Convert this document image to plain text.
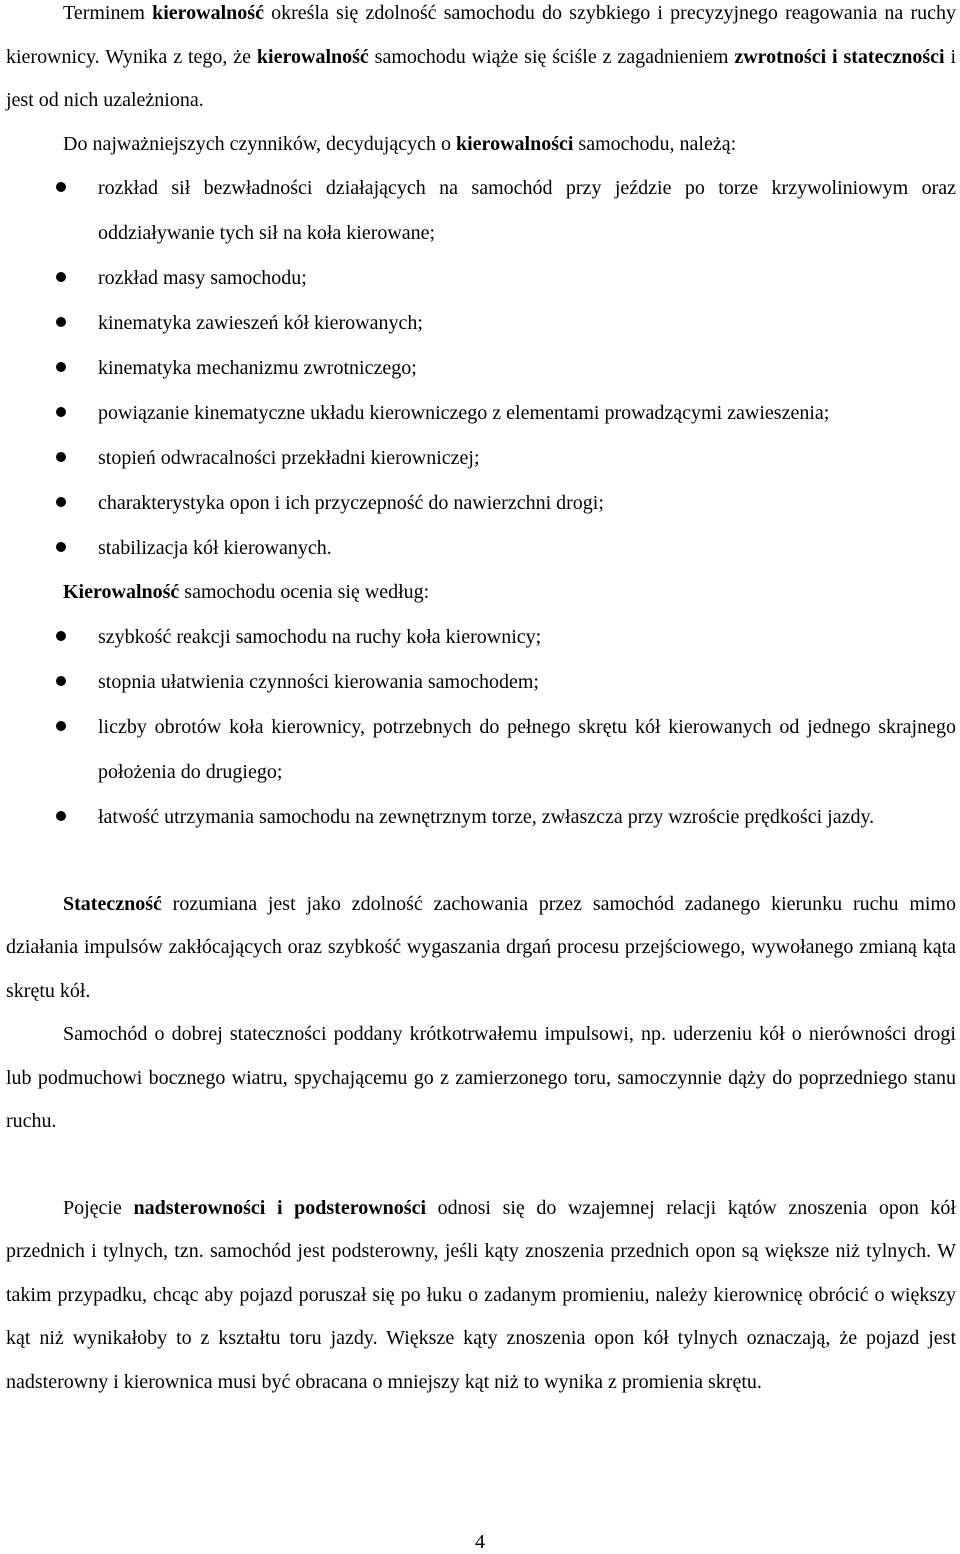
Terminem kierowalność określa się zdolność samochodu do szybkiego i precyzyjnego reagowania na ruchy kierownicy. Wynika z tego, że kierowalność samochodu wiąże się ściśle z zagadnieniem zwrotności i stateczności i jest od nich uzależniona.

Do najważniejszych czynników, decydujących o kierowalności samochodu, należą:

rozkład sił bezwładności działających na samochód przy jeździe po torze krzywoliniowym oraz oddziaływanie tych sił na koła kierowane;
rozkład masy samochodu;
kinematyka zawieszeń kół kierowanych;
kinematyka mechanizmu zwrotniczego;
powiązanie kinematyczne układu kierowniczego z elementami prowadzącymi zawieszenia;
stopień odwracalności przekładni kierowniczej;
charakterystyka opon i ich przyczepność do nawierzchni drogi;
stabilizacja kół kierowanych.

Kierowalność samochodu ocenia się według:

szybkość reakcji samochodu na ruchy koła kierownicy;
stopnia ułatwienia czynności kierowania samochodem;
liczby obrotów koła kierownicy, potrzebnych do pełnego skrętu kół kierowanych od jednego skrajnego położenia do drugiego;
łatwość utrzymania samochodu na zewnętrznym torze, zwłaszcza przy wzroście prędkości jazdy.

Stateczność rozumiana jest jako zdolność zachowania przez samochód zadanego kierunku ruchu mimo działania impulsów zakłócających oraz szybkość wygaszania drgań procesu przejściowego, wywołanego zmianą kąta skrętu kół.

Samochód o dobrej stateczności poddany krótkotrwałemu impulsowi, np. uderzeniu kół o nierówności drogi lub podmuchowi bocznego wiatru, spychającemu go z zamierzonego toru, samoczynnie dąży do poprzedniego stanu ruchu.

Pojęcie nadsterowności i podsterowności odnosi się do wzajemnej relacji kątów znoszenia opon kół przednich i tylnych, tzn. samochód jest podsterowny, jeśli kąty znoszenia przednich opon są większe niż tylnych. W takim przypadku, chcąc aby pojazd poruszał się po łuku o zadanym promieniu, należy kierownicę obrócić o większy kąt niż wynikałoby to z kształtu toru jazdy. Większe kąty znoszenia opon kół tylnych oznaczają, że pojazd jest nadsterowny i kierownica musi być obracana o mniejszy kąt niż to wynika z promienia skrętu.

4
